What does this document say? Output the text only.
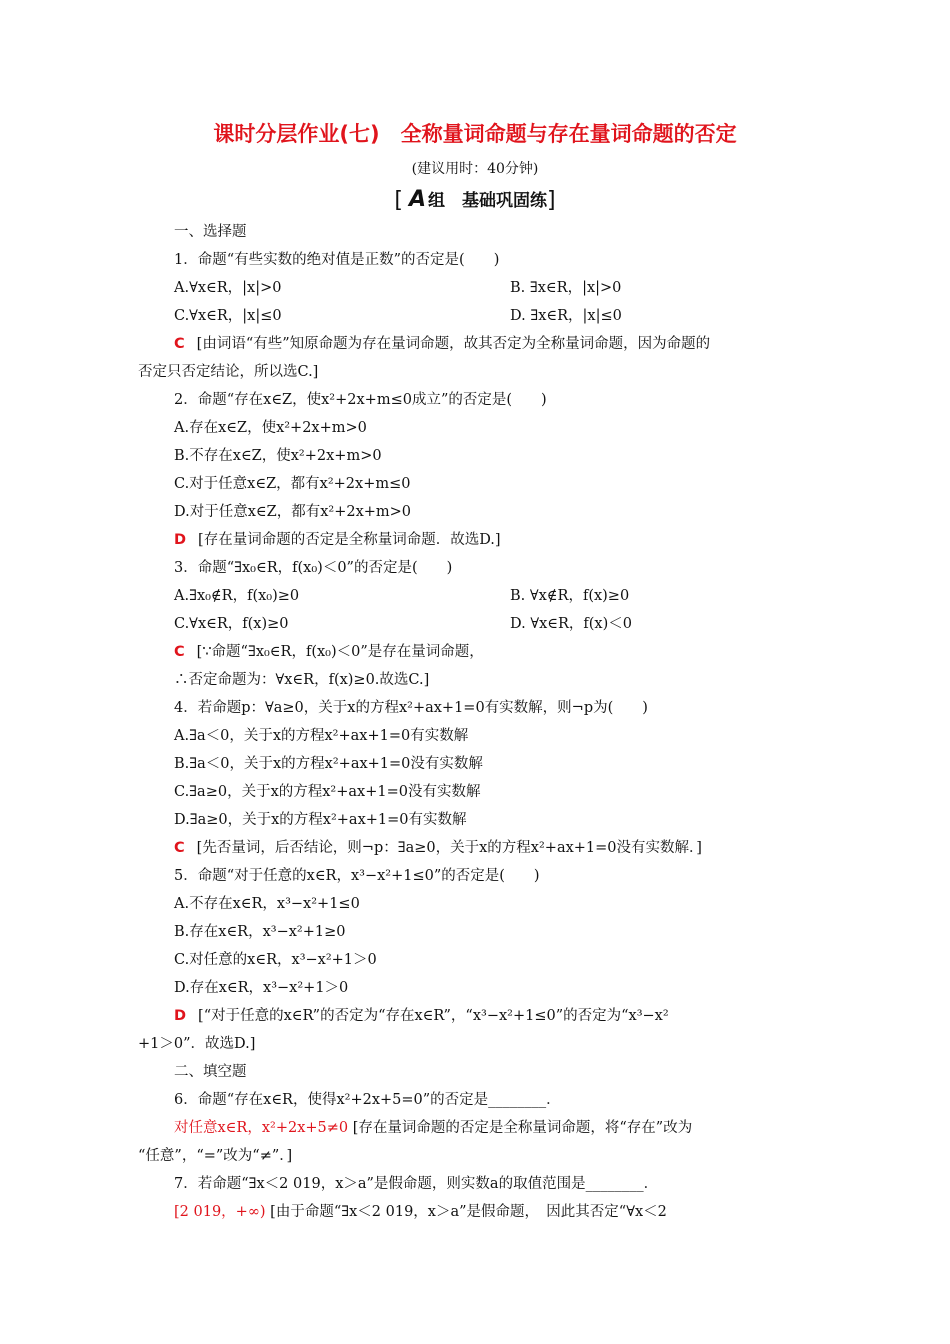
课时分层作业(七)　全称量词命题与存在量词命题的否定
(建议用时：40分钟)
[ A 组　基础巩固练]
一、选择题
1．命题“有些实数的绝对值是正数”的否定是(　　)
A.∀x∈R，|x|>0	B. ∃x∈R，|x|>0
C.∀x∈R，|x|≤0	D. ∃x∈R，|x|≤0
C [由词语“有些”知原命题为存在量词命题，故其否定为全称量词命题，因为命题的
否定只否定结论，所以选C.]
2．命题“存在x∈Z，使x²+2x+m≤0成立”的否定是(　　)
A.存在x∈Z，使x²+2x+m>0
B.不存在x∈Z，使x²+2x+m>0
C.对于任意x∈Z，都有x²+2x+m≤0
D.对于任意x∈Z，都有x²+2x+m>0
D [存在量词命题的否定是全称量词命题．故选D.]
3．命题“∃x₀∈R，f(x₀)＜0”的否定是(　　)
A.∃x₀∉R，f(x₀)≥0	B. ∀x∉R，f(x)≥0
C.∀x∈R，f(x)≥0	D. ∀x∈R，f(x)＜0
C [∵命题“∃x₀∈R，f(x₀)＜0”是存在量词命题，
∴否定命题为：∀x∈R，f(x)≥0.故选C.]
4．若命题p：∀a≥0，关于x的方程x²+ax+1=0有实数解，则¬p为(　　)
A.∃a＜0，关于x的方程x²+ax+1=0有实数解
B.∃a＜0，关于x的方程x²+ax+1=0没有实数解
C.∃a≥0，关于x的方程x²+ax+1=0没有实数解
D.∃a≥0，关于x的方程x²+ax+1=0有实数解
C [先否量词，后否结论，则¬p：∃a≥0，关于x的方程x²+ax+1=0没有实数解．]
5．命题“对于任意的x∈R，x³−x²+1≤0”的否定是(　　)
A.不存在x∈R，x³−x²+1≤0
B.存在x∈R，x³−x²+1≥0
C.对任意的x∈R，x³−x²+1＞0
D.存在x∈R，x³−x²+1＞0
D [“对于任意的x∈R”的否定为“存在x∈R”，“x³−x²+1≤0”的否定为“x³−x²
+1＞0”．故选D.]
二、填空题
6．命题“存在x∈R，使得x²+2x+5=0”的否定是________．
对任意x∈R，x²+2x+5≠0 [存在量词命题的否定是全称量词命题，将“存在”改为
“任意”，“=”改为“≠”．]
7．若命题“∃x＜2 019，x＞a”是假命题，则实数a的取值范围是________．
[2 019，+∞) [由于命题“∃x＜2 019，x＞a”是假命题，　因此其否定“∀x＜2
